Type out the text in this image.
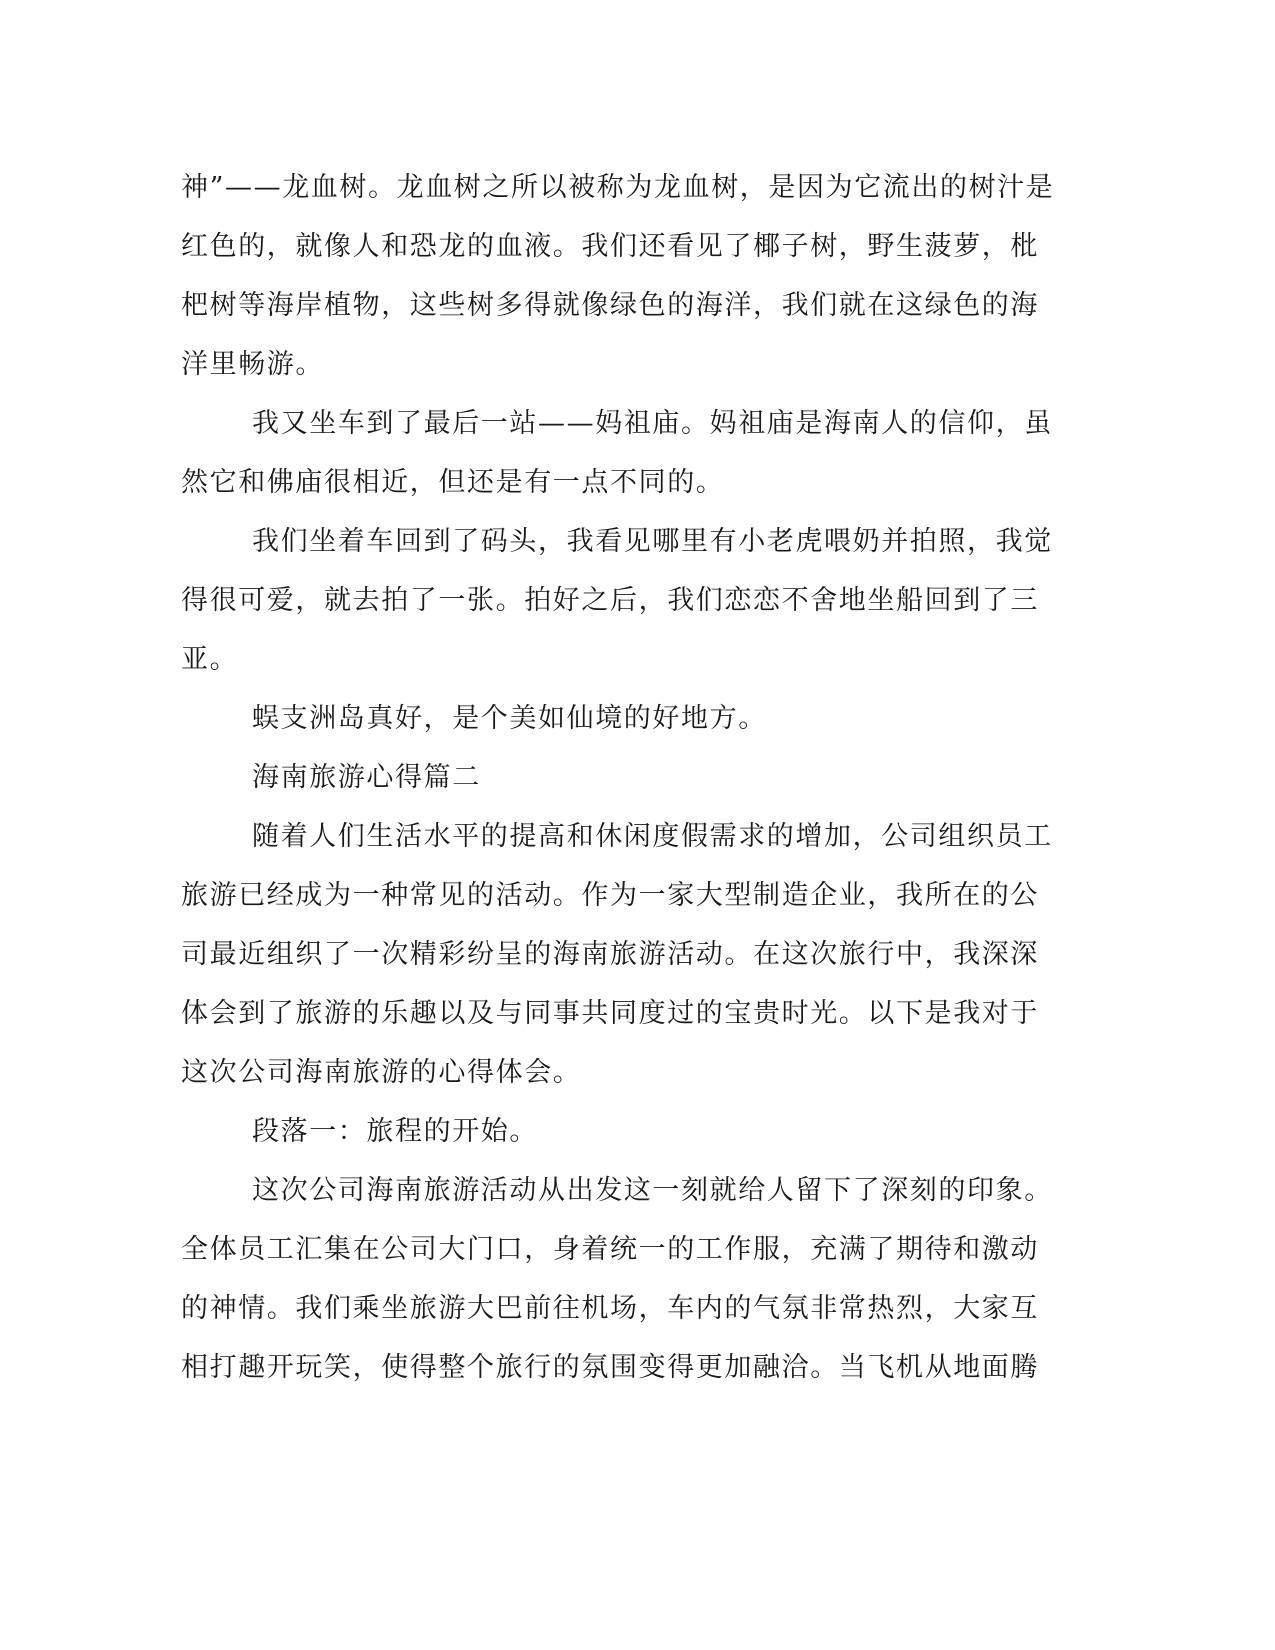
神”——龙血树。龙血树之所以被称为龙血树，是因为它流出的树汁是
红色的，就像人和恐龙的血液。我们还看见了椰子树，野生菠萝，枇
杷树等海岸植物，这些树多得就像绿色的海洋，我们就在这绿色的海
洋里畅游。

我又坐车到了最后一站——妈祖庙。妈祖庙是海南人的信仰，虽
然它和佛庙很相近，但还是有一点不同的。

我们坐着车回到了码头，我看见哪里有小老虎喂奶并拍照，我觉
得很可爱，就去拍了一张。拍好之后，我们恋恋不舍地坐船回到了三
亚。

蜈支洲岛真好，是个美如仙境的好地方。

海南旅游心得篇二

随着人们生活水平的提高和休闲度假需求的增加，公司组织员工
旅游已经成为一种常见的活动。作为一家大型制造企业，我所在的公
司最近组织了一次精彩纷呈的海南旅游活动。在这次旅行中，我深深
体会到了旅游的乐趣以及与同事共同度过的宝贵时光。以下是我对于
这次公司海南旅游的心得体会。

段落一：旅程的开始。

这次公司海南旅游活动从出发这一刻就给人留下了深刻的印象。
全体员工汇集在公司大门口，身着统一的工作服，充满了期待和激动
的神情。我们乘坐旅游大巴前往机场，车内的气氛非常热烈，大家互
相打趣开玩笑，使得整个旅行的氛围变得更加融洽。当飞机从地面腾
